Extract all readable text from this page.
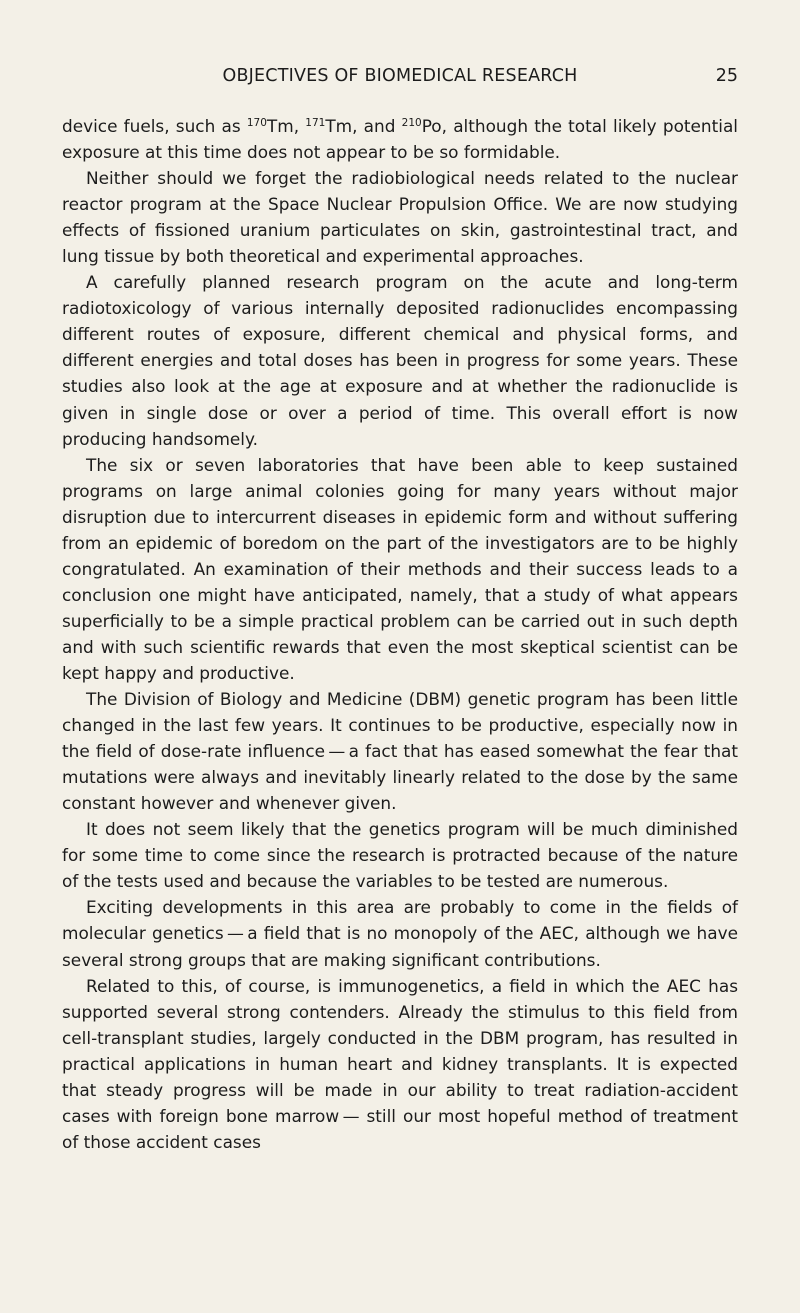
OBJECTIVES OF BIOMEDICAL RESEARCH	25

device fuels, such as $^{170}$Tm, $^{171}$Tm, and $^{210}$Po, although the total likely potential exposure at this time does not appear to be so formidable.

Neither should we forget the radiobiological needs related to the nuclear reactor program at the Space Nuclear Propulsion Office. We are now studying effects of fissioned uranium particulates on skin, gastrointestinal tract, and lung tissue by both theoretical and experimental approaches.

A carefully planned research program on the acute and long-term radiotoxicology of various internally deposited radionuclides encompassing different routes of exposure, different chemical and physical forms, and different energies and total doses has been in progress for some years. These studies also look at the age at exposure and at whether the radionuclide is given in single dose or over a period of time. This overall effort is now producing handsomely.

The six or seven laboratories that have been able to keep sustained programs on large animal colonies going for many years without major disruption due to intercurrent diseases in epidemic form and without suffering from an epidemic of boredom on the part of the investigators are to be highly congratulated. An examination of their methods and their success leads to a conclusion one might have anticipated, namely, that a study of what appears superficially to be a simple practical problem can be carried out in such depth and with such scientific rewards that even the most skeptical scientist can be kept happy and productive.

The Division of Biology and Medicine (DBM) genetic program has been little changed in the last few years. It continues to be productive, especially now in the field of dose-rate influence — a fact that has eased somewhat the fear that mutations were always and inevitably linearly related to the dose by the same constant however and whenever given.

It does not seem likely that the genetics program will be much diminished for some time to come since the research is protracted because of the nature of the tests used and because the variables to be tested are numerous.

Exciting developments in this area are probably to come in the fields of molecular genetics — a field that is no monopoly of the AEC, although we have several strong groups that are making significant contributions.

Related to this, of course, is immunogenetics, a field in which the AEC has supported several strong contenders. Already the stimulus to this field from cell-transplant studies, largely conducted in the DBM program, has resulted in practical applications in human heart and kidney transplants. It is expected that steady progress will be made in our ability to treat radiation-accident cases with foreign bone marrow — still our most hopeful method of treatment of those accident cases
